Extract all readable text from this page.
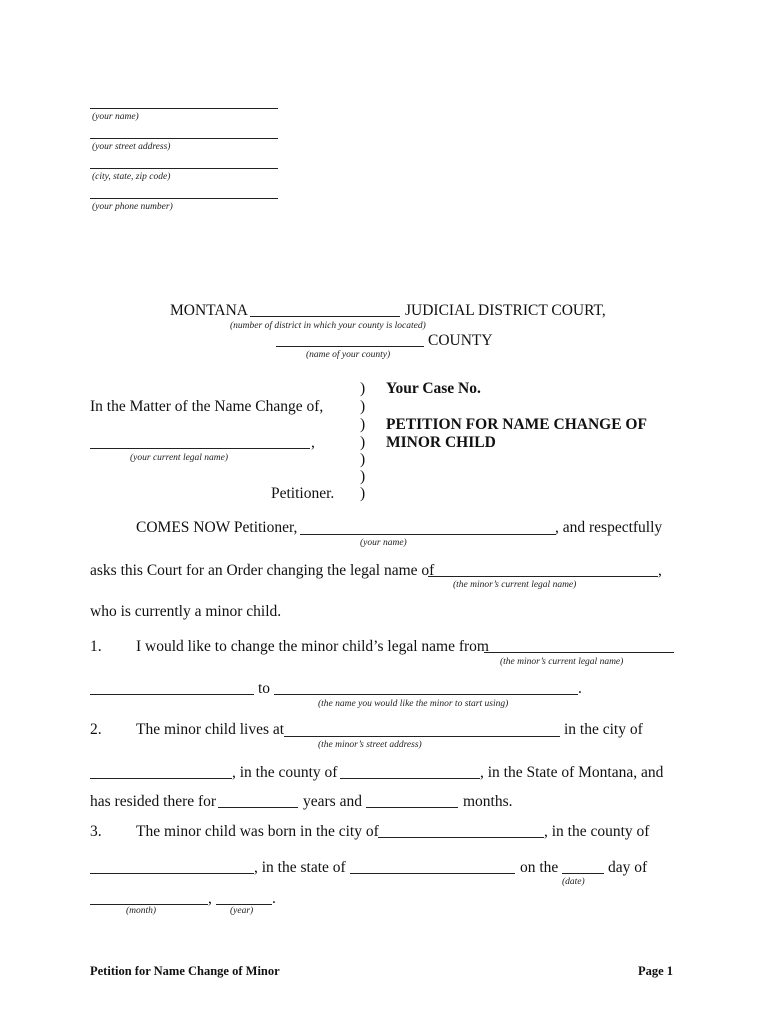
(your name)
(your street address)
(city, state, zip code)
(your phone number)
MONTANA	JUDICIAL DISTRICT COURT,
(number of district in which your county is located)
COUNTY
(name of your county)
)
)
)
)
)
)
)
In the Matter of the Name Change of,
,
(your current legal name)
Petitioner.
Your Case No.
PETITION FOR NAME CHANGE OF
MINOR CHILD
COMES NOW Petitioner,	, and respectfully
(your name)
asks this Court for an Order changing the legal name of	,
(the minor’s current legal name)
who is currently a minor child.
1. I would like to change the minor child’s legal name from
(the minor’s current legal name)
to	.
(the name you would like the minor to start using)
2. The minor child lives at	in the city of
(the minor’s street address)
, in the county of	, in the State of Montana, and
has resided there for	years and	months.
3. The minor child was born in the city of	, in the county of
, in the state of	on the	day of
(date)
,	.
(month)	(year)
Petition for Name Change of Minor	Page 1
